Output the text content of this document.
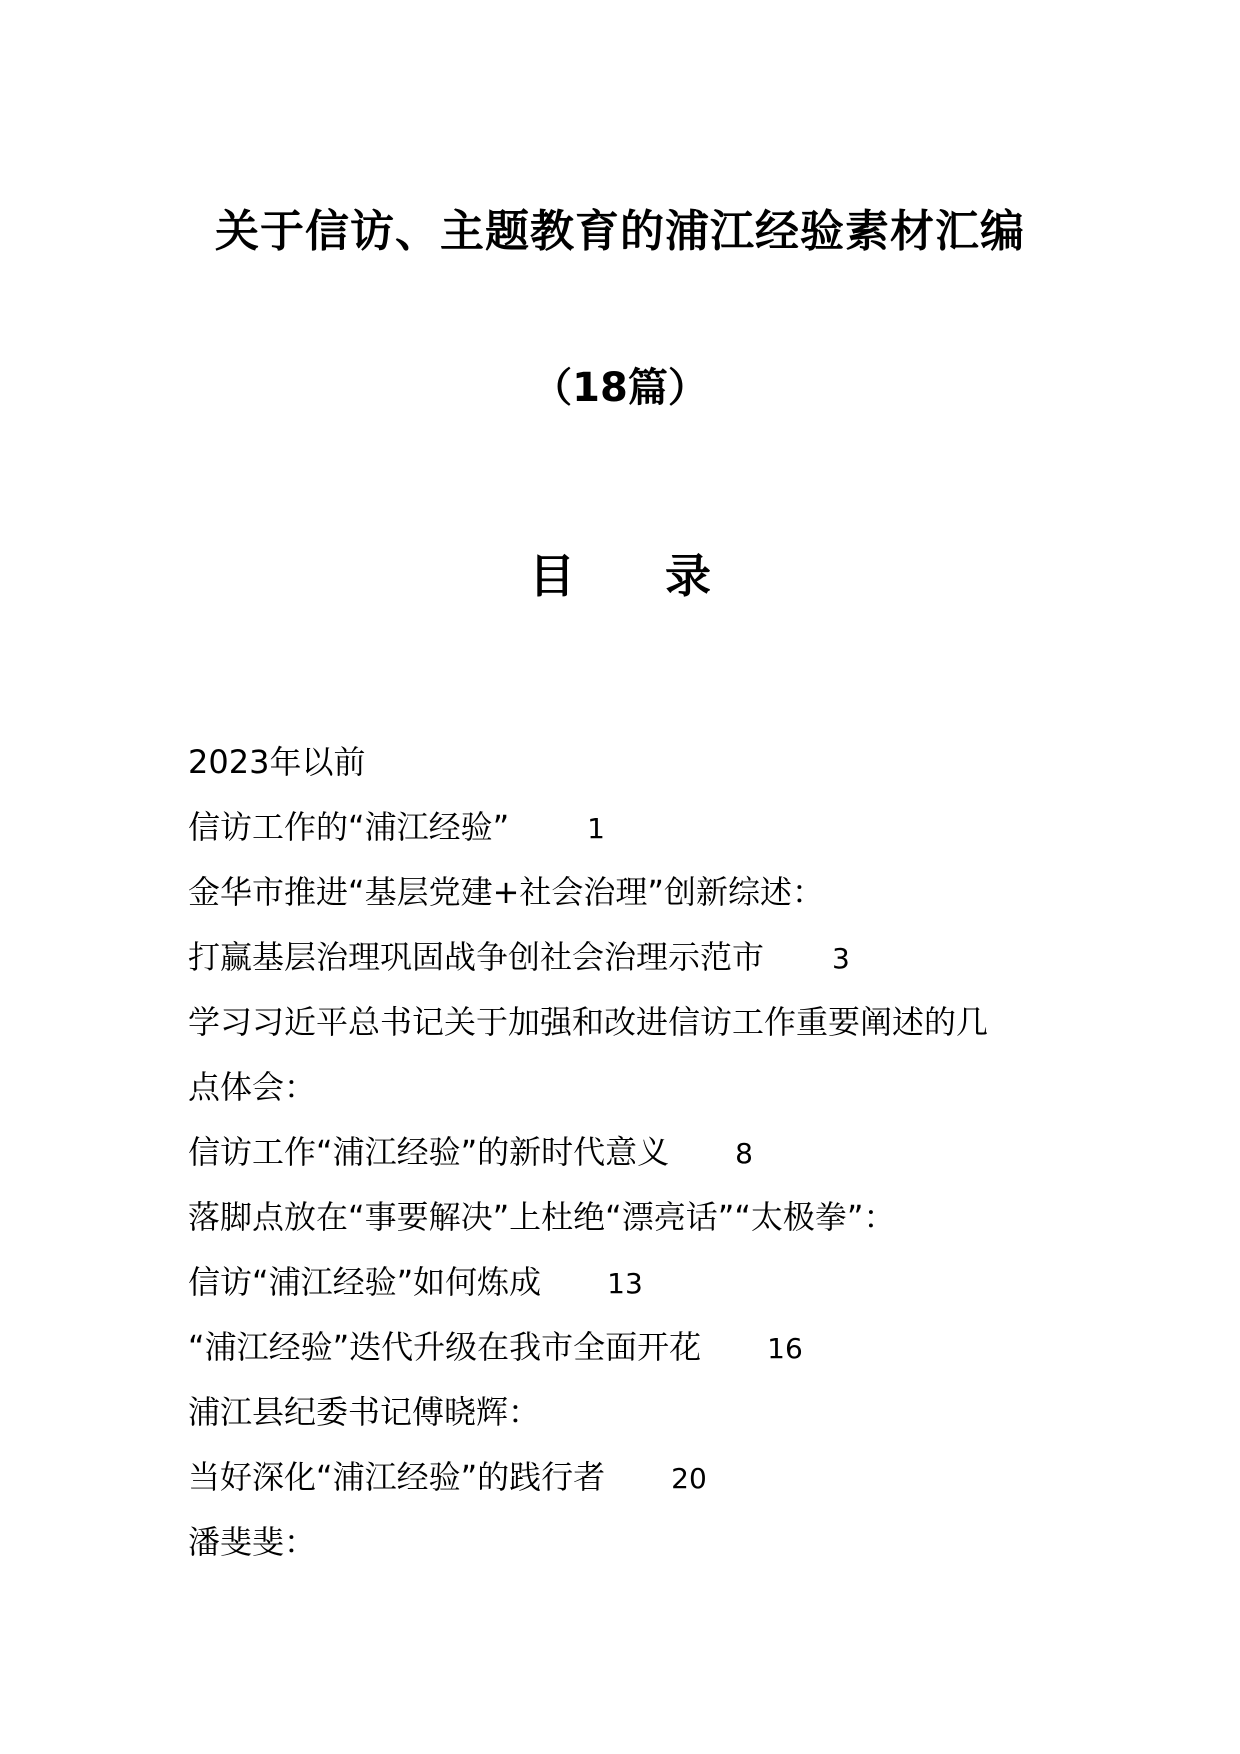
关于信访、主题教育的浦江经验素材汇编
（18篇）
目 录
2023年以前
信访工作的“浦江经验”	1
金华市推进“基层党建+社会治理”创新综述：
打赢基层治理巩固战争创社会治理示范市 3
学习习近平总书记关于加强和改进信访工作重要阐述的几
点体会：
信访工作“浦江经验”的新时代意义 8
落脚点放在“事要解决”上杜绝“漂亮话”“太极拳”：
信访“浦江经验”如何炼成 13
“浦江经验”迭代升级在我市全面开花 16
浦江县纪委书记傅晓辉：
当好深化“浦江经验”的践行者 20
潘斐斐：
